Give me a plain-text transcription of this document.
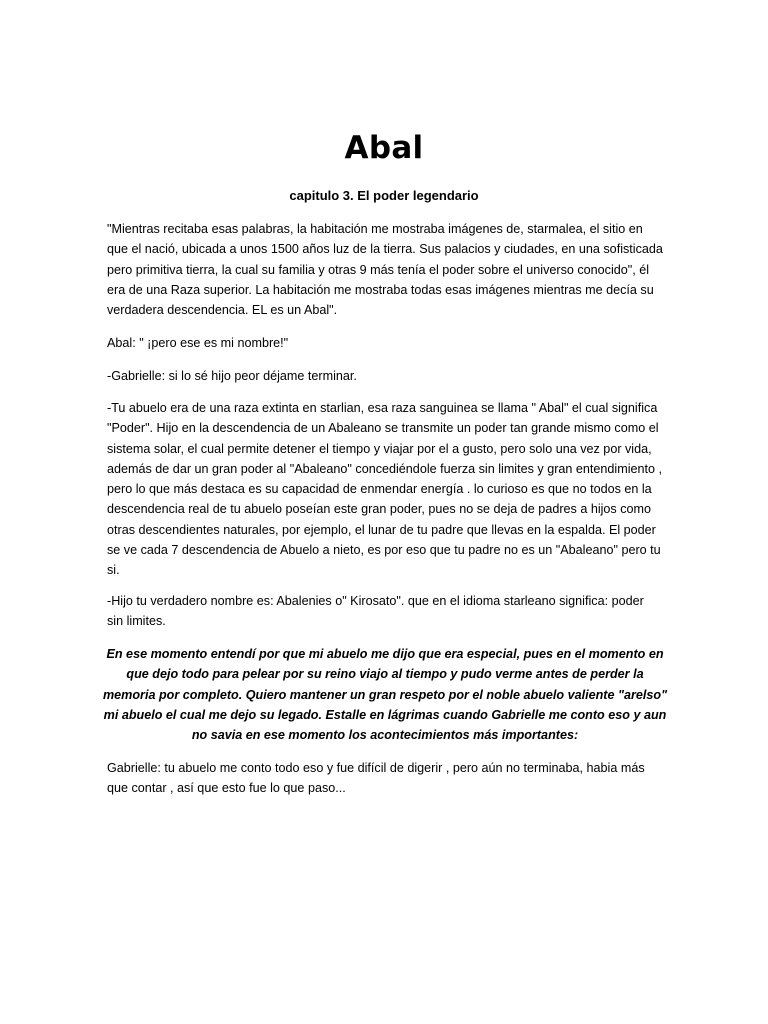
Abal

capitulo 3. El poder legendario

"Mientras recitaba esas palabras, la habitación me mostraba imágenes de, starmalea, el sitio en que el nació, ubicada a unos 1500 años luz de la tierra. Sus palacios y ciudades, en una sofisticada pero primitiva tierra, la cual su familia y otras 9 más tenía el poder sobre el universo conocido", él era de una Raza superior. La habitación me mostraba todas esas imágenes mientras me decía su verdadera descendencia. EL es un Abal".

Abal: " ¡pero ese es mi nombre!"

-Gabrielle: si lo sé hijo peor déjame terminar.

-Tu abuelo era de una raza extinta en starlian, esa raza sanguinea se llama " Abal" el cual significa "Poder". Hijo en la descendencia de un Abaleano se transmite un poder tan grande mismo como el sistema solar, el cual permite detener el tiempo y viajar por el a gusto, pero solo una vez por vida, además de dar un gran poder al "Abaleano" concediéndole fuerza sin limites y gran entendimiento , pero lo que más destaca es su capacidad de enmendar energía . lo curioso es que no todos en la descendencia real de tu abuelo poseían este gran poder, pues no se deja de padres a hijos como otras descendientes naturales, por ejemplo, el lunar de tu padre que llevas en la espalda. El poder se ve cada 7 descendencia de Abuelo a nieto, es por eso que tu padre no es un "Abaleano" pero tu si.

-Hijo tu verdadero nombre es: Abalenies o" Kirosato". que en el idioma starleano significa: poder sin limites.

En ese momento entendí por que mi abuelo me dijo que era especial, pues en el momento en que dejo todo para pelear por su reino viajo al tiempo y pudo verme antes de perder la memoria por completo. Quiero mantener un gran respeto por el noble abuelo valiente "arelso" mi abuelo el cual me dejo su legado. Estalle en lágrimas cuando Gabrielle me conto eso y aun no savia en ese momento los acontecimientos más importantes:

Gabrielle: tu abuelo me conto todo eso y fue difícil de digerir , pero aún no terminaba, habia más que contar , así que esto fue lo que paso...
